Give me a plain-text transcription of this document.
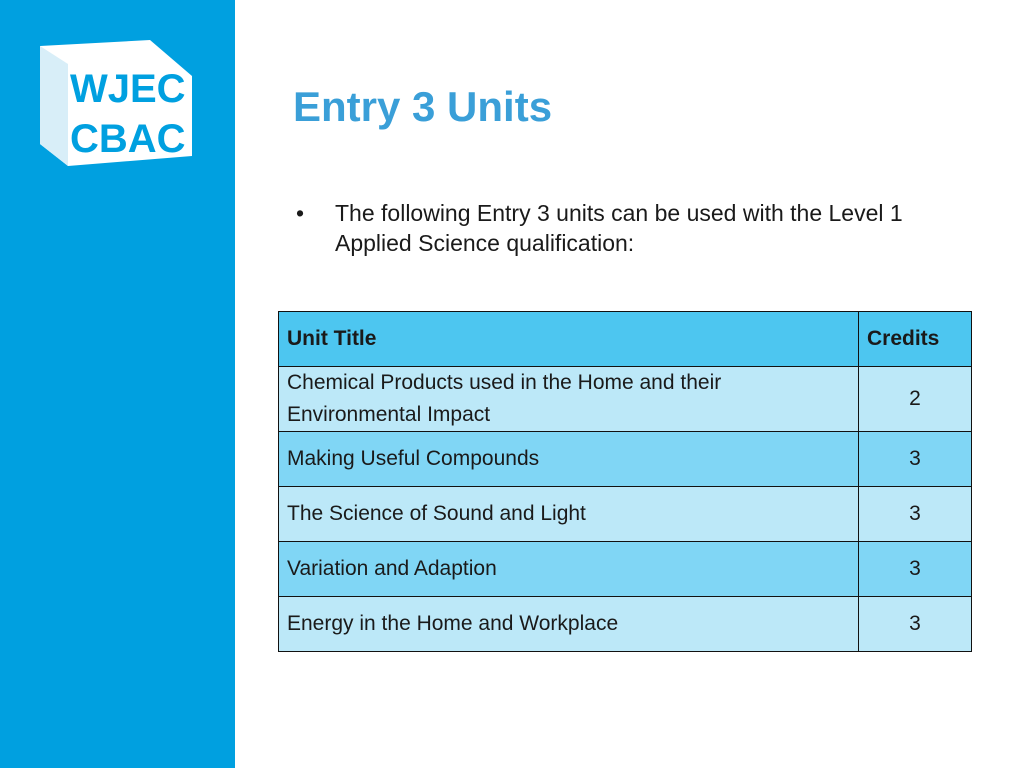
WJEC
CBAC
Entry 3 Units
• The following Entry 3 units can be used with the Level 1 Applied Science qualification:
Unit Title	Credits
Chemical Products used in the Home and their Environmental Impact	2
Making Useful Compounds	3
The Science of Sound and Light	3
Variation and Adaption	3
Energy in the Home and Workplace	3
